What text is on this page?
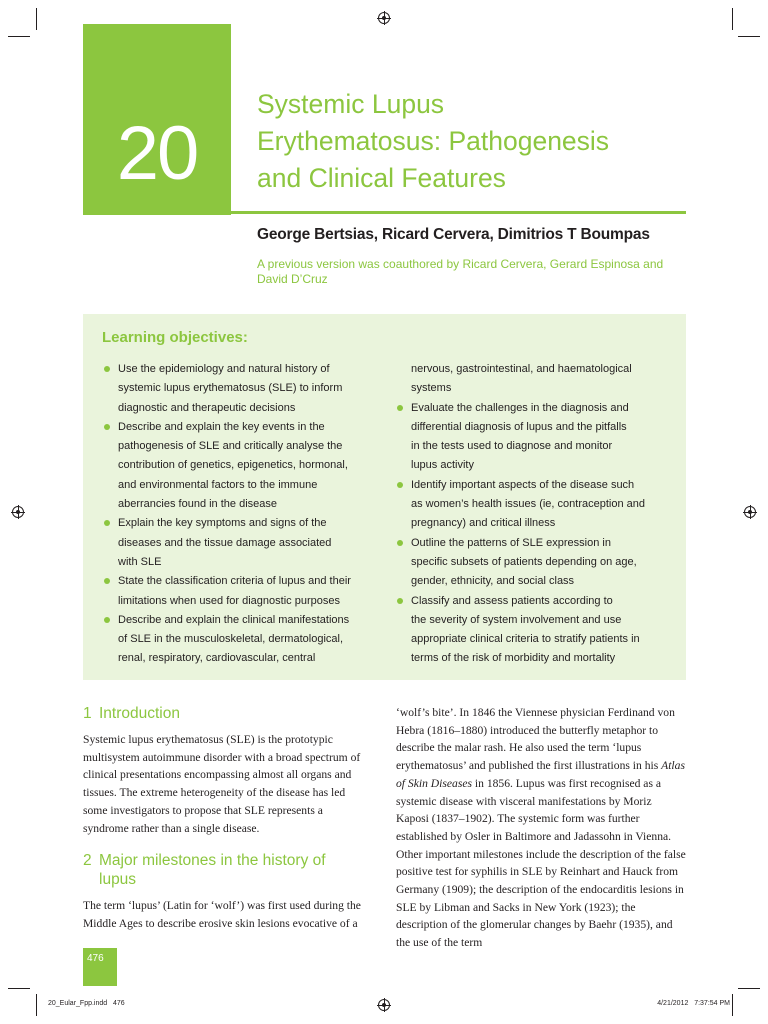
20
Systemic Lupus
Erythematosus: Pathogenesis
and Clinical Features
George Bertsias, Ricard Cervera, Dimitrios T Boumpas
A previous version was coauthored by Ricard Cervera, Gerard Espinosa and
David D’Cruz
Learning objectives:
Use the epidemiology and natural history of
systemic lupus erythematosus (SLE) to inform
diagnostic and therapeutic decisions
Describe and explain the key events in the
pathogenesis of SLE and critically analyse the
contribution of genetics, epigenetics, hormonal,
and environmental factors to the immune
aberrancies found in the disease
Explain the key symptoms and signs of the
diseases and the tissue damage associated
with SLE
State the classification criteria of lupus and their
limitations when used for diagnostic purposes
Describe and explain the clinical manifestations
of SLE in the musculoskeletal, dermatological,
renal, respiratory, cardiovascular, central
nervous, gastrointestinal, and haematological
systems
Evaluate the challenges in the diagnosis and
differential diagnosis of lupus and the pitfalls
in the tests used to diagnose and monitor
lupus activity
Identify important aspects of the disease such
as women’s health issues (ie, contraception and
pregnancy) and critical illness
Outline the patterns of SLE expression in
specific subsets of patients depending on age,
gender, ethnicity, and social class
Classify and assess patients according to
the severity of system involvement and use
appropriate clinical criteria to stratify patients in
terms of the risk of morbidity and mortality
1 Introduction

Systemic lupus erythematosus (SLE) is the prototypic multisystem autoimmune disorder with a broad spectrum of clinical presentations encompassing almost all organs and tissues. The extreme heterogeneity of the disease has led some investigators to propose that SLE represents a syndrome rather than a single disease.

2 Major milestones in the history of
lupus

The term ‘lupus’ (Latin for ‘wolf’) was first used during the Middle Ages to describe erosive skin lesions evocative of a

‘wolf’s bite’. In 1846 the Viennese physician Ferdinand von Hebra (1816–1880) introduced the butterfly metaphor to describe the malar rash. He also used the term ‘lupus erythematosus’ and published the first illustrations in his Atlas of Skin Diseases in 1856. Lupus was first recognised as a systemic disease with visceral manifestations by Moriz Kaposi (1837–1902). The systemic form was further established by Osler in Baltimore and Jadassohn in Vienna. Other important milestones include the description of the false positive test for syphilis in SLE by Reinhart and Hauck from Germany (1909); the description of the endocarditis lesions in SLE by Libman and Sacks in New York (1923); the description of the glomerular changes by Baehr (1935), and the use of the term

476
20_Eular_Fpp.indd   476	4/21/2012   7:37:54 PM
